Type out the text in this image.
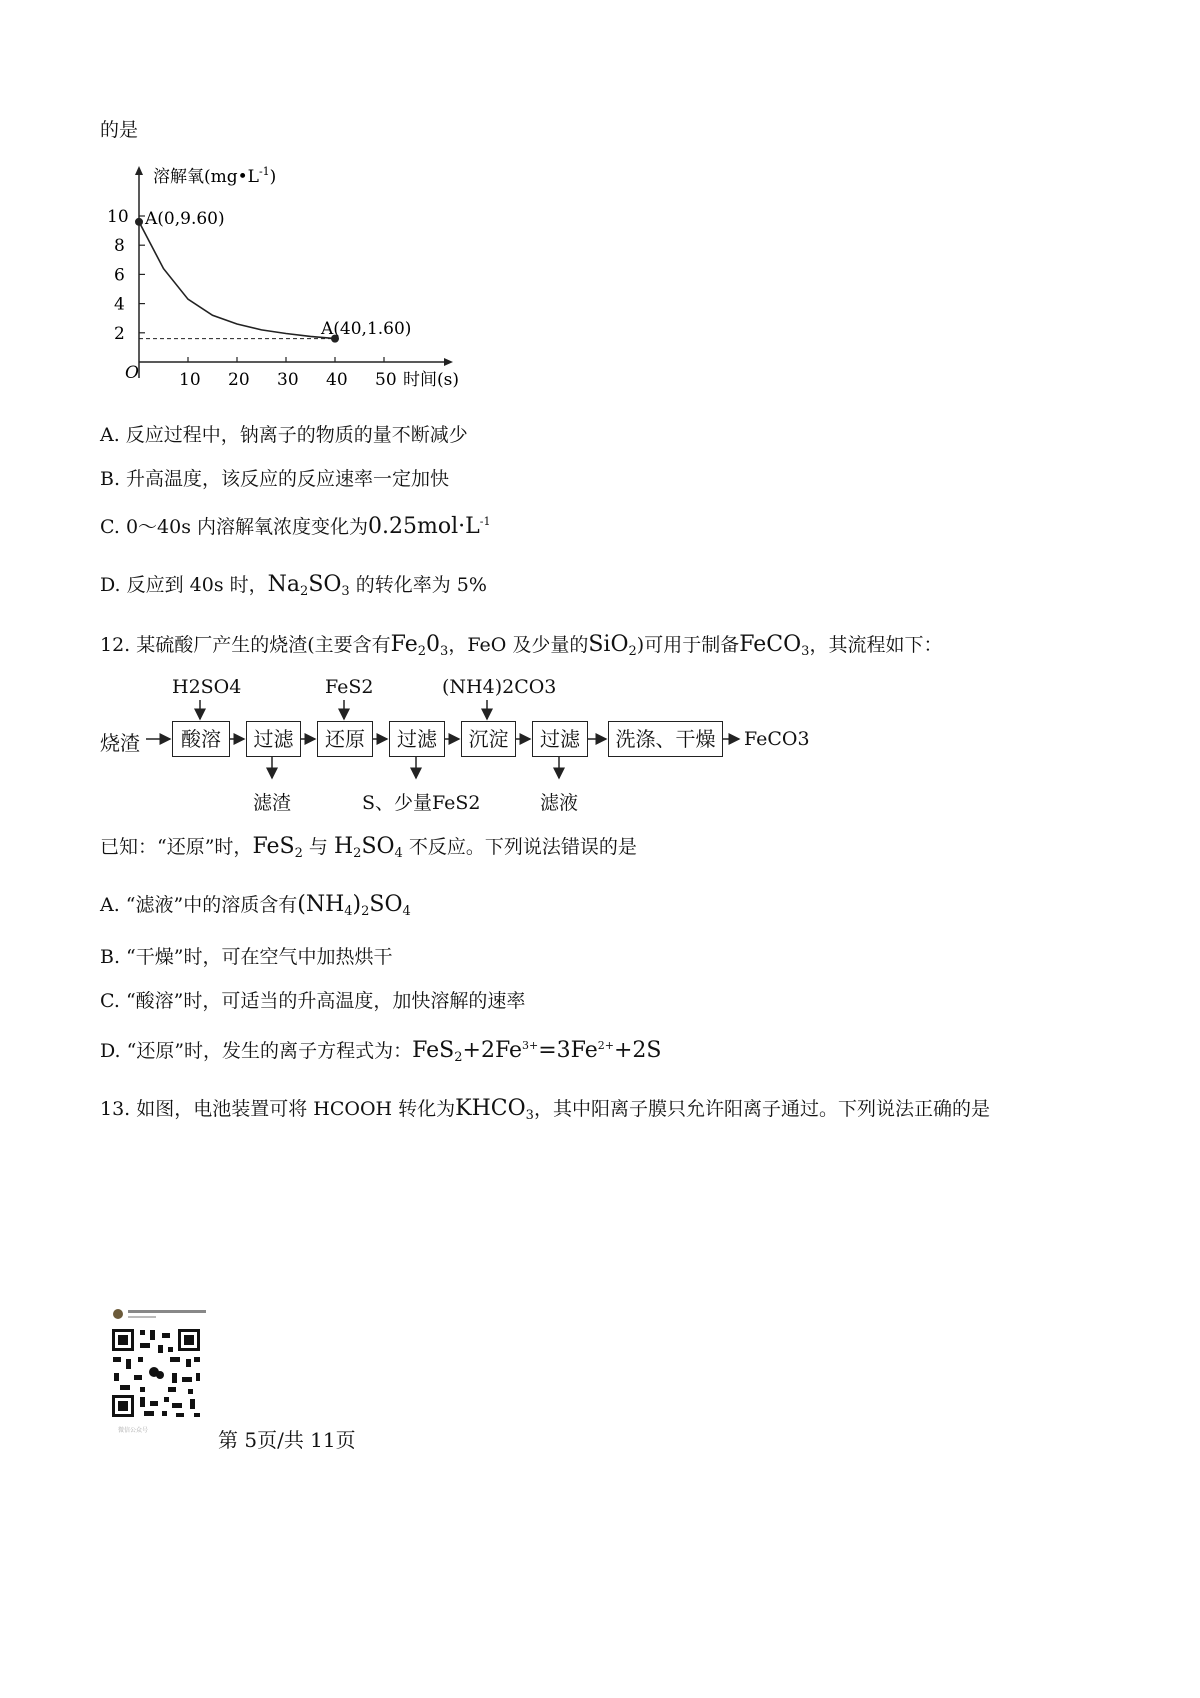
的是
2
4
6
8
10
10 20 30 40 50
溶解氧$(mg•L^{-1})$
时间(s)
O
A(0,9.60)
A(40,1.60)
A. 反应过程中，钠离子的物质的量不断减少
B. 升高温度，该反应的反应速率一定加快
C. 0～40s 内溶解氧浓度变化为$0.25mol\cdot L^{-1}$
D. 反应到 40s 时，$Na_2SO_3$ 的转化率为 5%
12. 某硫酸厂产生的烧渣(主要含有$Fe_20_3$，FeO 及少量的SiO$_2$)可用于制备FeCO$_3$，其流程如下：
烧渣	酸溶	过滤	还原	过滤	沉淀	过滤	洗涤、干燥	FeCO3
H2SO4	FeS2	(NH4)2CO3
滤渣	S、少量FeS2	滤液
已知：“还原”时，FeS$_2$ 与 $H_2SO_4$ 不反应。下列说法错误的是
A. “滤液”中的溶质含有$(NH_4)_2SO_4$
B. “干燥”时，可在空气中加热烘干
C. “酸溶”时，可适当的升高温度，加快溶解的速率
D. “还原”时，发生的离子方程式为：$FeS_2+2Fe^{3+}=3Fe^{2+}+2S$
13. 如图，电池装置可将 HCOOH 转化为$KHCO_3$，其中阳离子膜只允许阳离子通过。下列说法正确的是
微信公众号	第 5页/共 11页
